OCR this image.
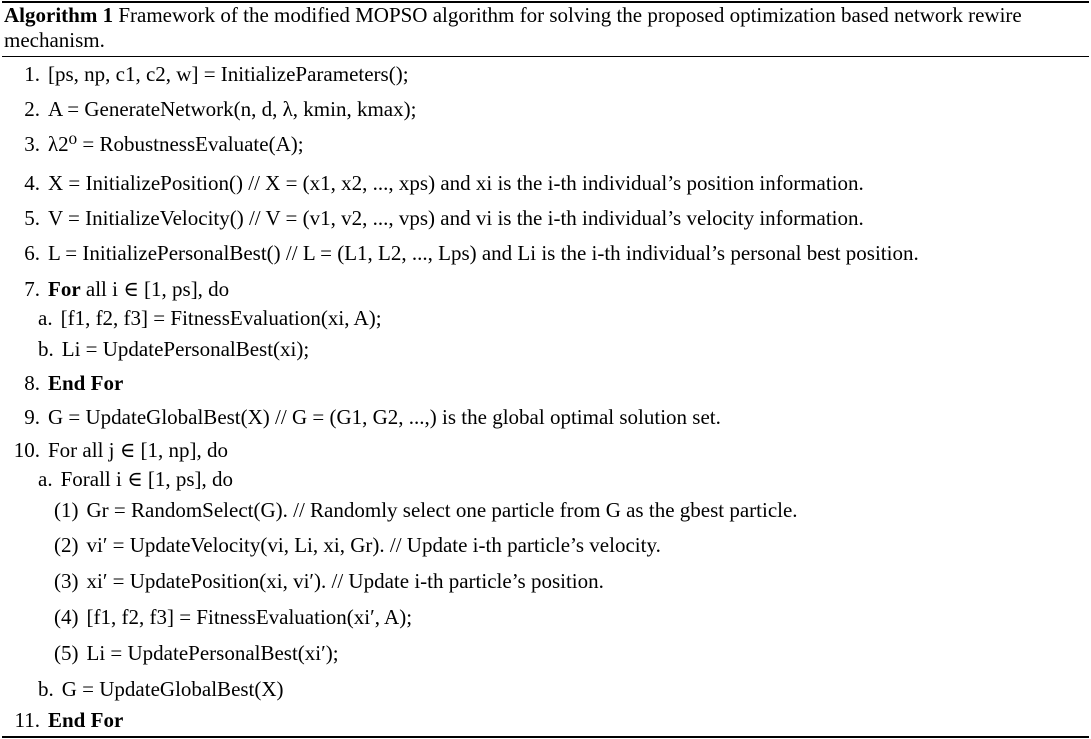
Algorithm 1 Framework of the modified MOPSO algorithm for solving the proposed optimization based network rewire mechanism.
1. [ps, np, c1, c2, w] = InitializeParameters();
2. A = GenerateNetwork(n, d, λ, kmin, kmax);
3. λ2⁰ = RobustnessEvaluate(A);
4. X = InitializePosition() // X = (x1, x2, ..., xps) and xi is the i-th individual’s position information.
5. V = InitializeVelocity() // V = (v1, v2, ..., vps) and vi is the i-th individual’s velocity information.
6. L = InitializePersonalBest() // L = (L1, L2, ..., Lps) and Li is the i-th individual’s personal best position.
7. For all i ∈ [1, ps], do
a. [f1, f2, f3] = FitnessEvaluation(xi, A);
b. Li = UpdatePersonalBest(xi);
8. End For
9. G = UpdateGlobalBest(X) // G = (G1, G2, ...,) is the global optimal solution set.
10. For all j ∈ [1, np], do
a. Forall i ∈ [1, ps], do
(1) Gr = RandomSelect(G). // Randomly select one particle from G as the gbest particle.
(2) vi′ = UpdateVelocity(vi, Li, xi, Gr). // Update i-th particle’s velocity.
(3) xi′ = UpdatePosition(xi, vi′). // Update i-th particle’s position.
(4) [f1, f2, f3] = FitnessEvaluation(xi′, A);
(5) Li = UpdatePersonalBest(xi′);
b. G = UpdateGlobalBest(X)
11. End For
